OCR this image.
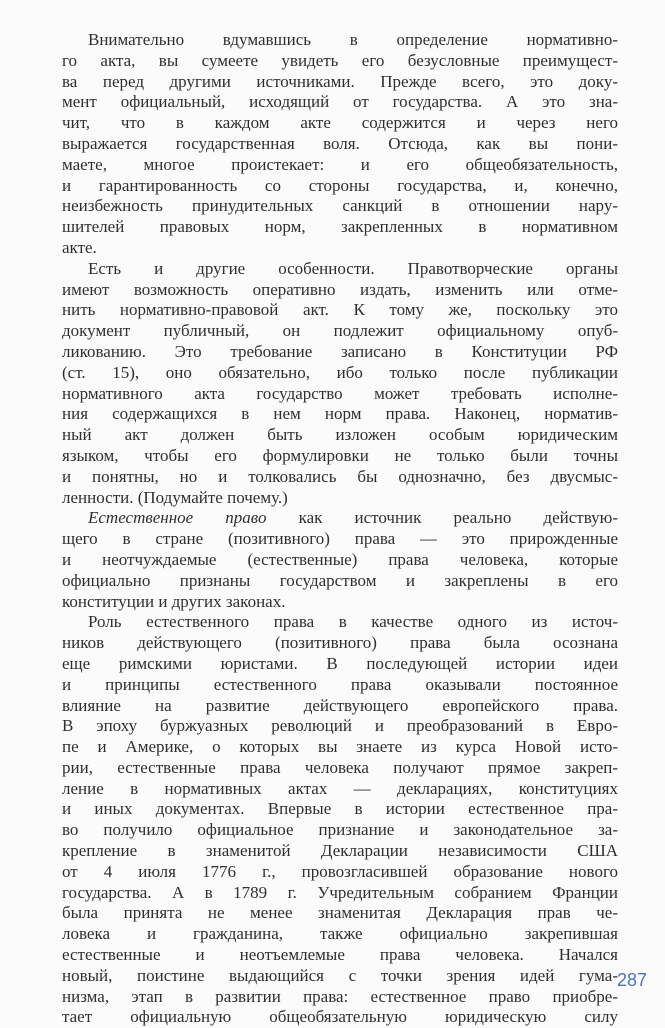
Внимательно вдумавшись в определение нормативно-
го акта, вы сумеете увидеть его безусловные преимущест-
ва перед другими источниками. Прежде всего, это доку-
мент официальный, исходящий от государства. А это зна-
чит, что в каждом акте содержится и через него
выражается государственная воля. Отсюда, как вы пони-
маете, многое проистекает: и его общеобязательность,
и гарантированность со стороны государства, и, конечно,
неизбежность принудительных санкций в отношении нару-
шителей правовых норм, закрепленных в нормативном
акте.
Есть и другие особенности. Правотворческие органы
имеют возможность оперативно издать, изменить или отме-
нить нормативно-правовой акт. К тому же, поскольку это
документ публичный, он подлежит официальному опуб-
ликованию. Это требование записано в Конституции РФ
(ст. 15), оно обязательно, ибо только после публикации
нормативного акта государство может требовать исполне-
ния содержащихся в нем норм права. Наконец, норматив-
ный акт должен быть изложен особым юридическим
языком, чтобы его формулировки не только были точны
и понятны, но и толковались бы однозначно, без двусмыс-
ленности. (Подумайте почему.)
Естественное право как источник реально действую-
щего в стране (позитивного) права — это прирожденные
и неотчуждаемые (естественные) права человека, которые
официально признаны государством и закреплены в его
конституции и других законах.
Роль естественного права в качестве одного из источ-
ников действующего (позитивного) права была осознана
еще римскими юристами. В последующей истории идеи
и принципы естественного права оказывали постоянное
влияние на развитие действующего европейского права.
В эпоху буржуазных революций и преобразований в Евро-
пе и Америке, о которых вы знаете из курса Новой исто-
рии, естественные права человека получают прямое закреп-
ление в нормативных актах — декларациях, конституциях
и иных документах. Впервые в истории естественное пра-
во получило официальное признание и законодательное за-
крепление в знаменитой Декларации независимости США
от 4 июля 1776 г., провозгласившей образование нового
государства. А в 1789 г. Учредительным собранием Франции
была принята не менее знаменитая Декларация прав че-
ловека и гражданина, также официально закрепившая
естественные и неотъемлемые права человека. Начался
новый, поистине выдающийся с точки зрения идей гума-
низма, этап в развитии права: естественное право приобре-
тает официальную общеобязательную юридическую силу
287
